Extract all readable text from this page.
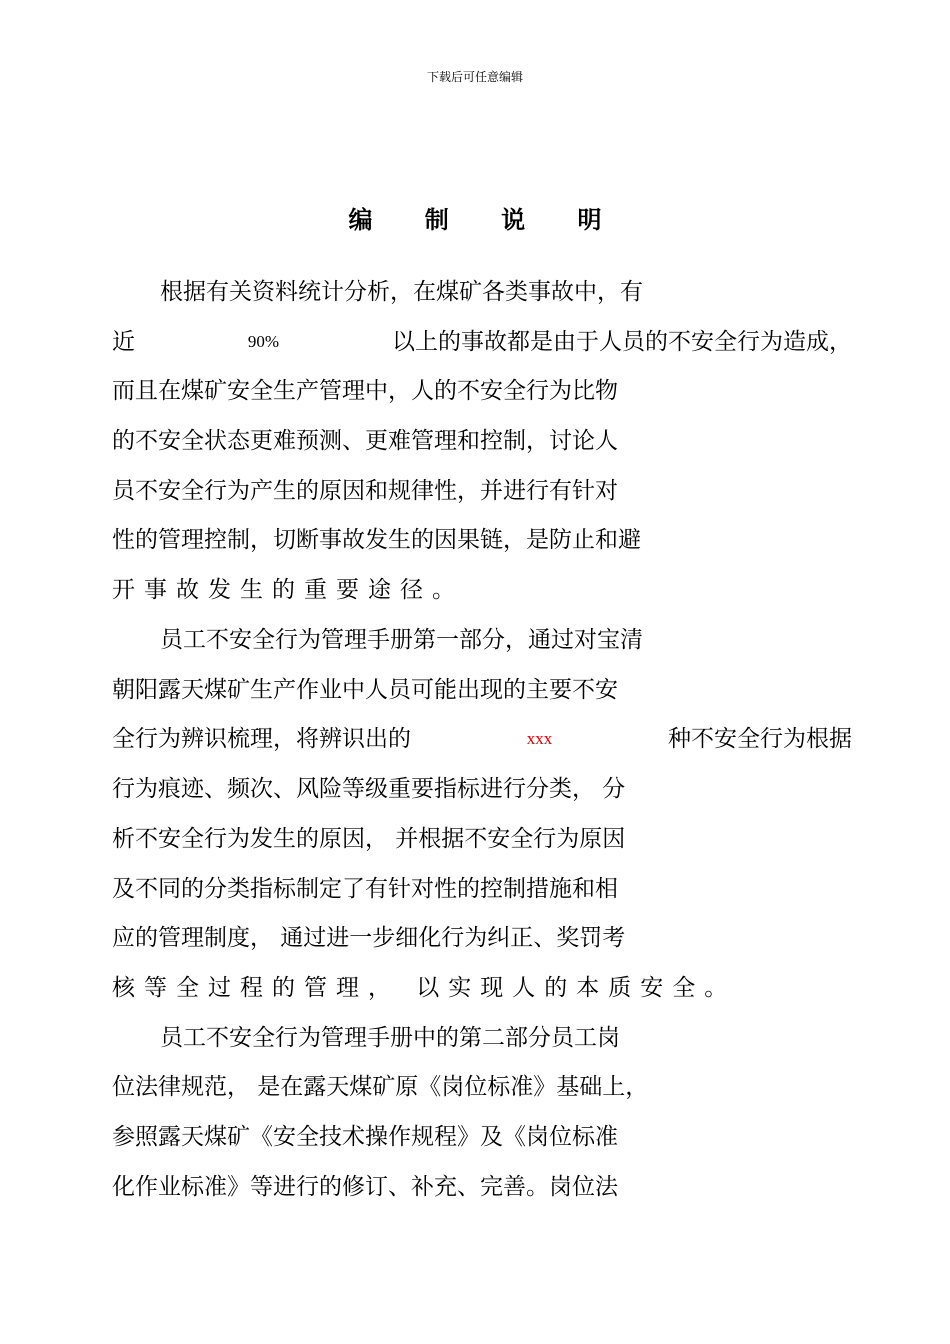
下载后可任意编辑
编 制 说 明
根据有关资料统计分析，在煤矿各类事故中，有
近	90%	以上的事故都是由于人员的不安全行为造成，
而且在煤矿安全生产管理中，人的不安全行为比物
的不安全状态更难预测、更难管理和控制，讨论人
员不安全行为产生的原因和规律性，并进行有针对
性的管理控制，切断事故发生的因果链，是防止和避
开事故发生的重要途径。
员工不安全行为管理手册第一部分，通过对宝清
朝阳露天煤矿生产作业中人员可能出现的主要不安
全行为辨识梳理，将辨识出的	xxx	种不安全行为根据
行为痕迹、频次、风险等级重要指标进行分类， 分
析不安全行为发生的原因， 并根据不安全行为原因
及不同的分类指标制定了有针对性的控制措施和相
应的管理制度， 通过进一步细化行为纠正、奖罚考
核等全过程的管理， 以实现人的本质安全。
员工不安全行为管理手册中的第二部分员工岗
位法律规范， 是在露天煤矿原《岗位标准》基础上，
参照露天煤矿《安全技术操作规程》及《岗位标准
化作业标准》等进行的修订、补充、完善。岗位法
